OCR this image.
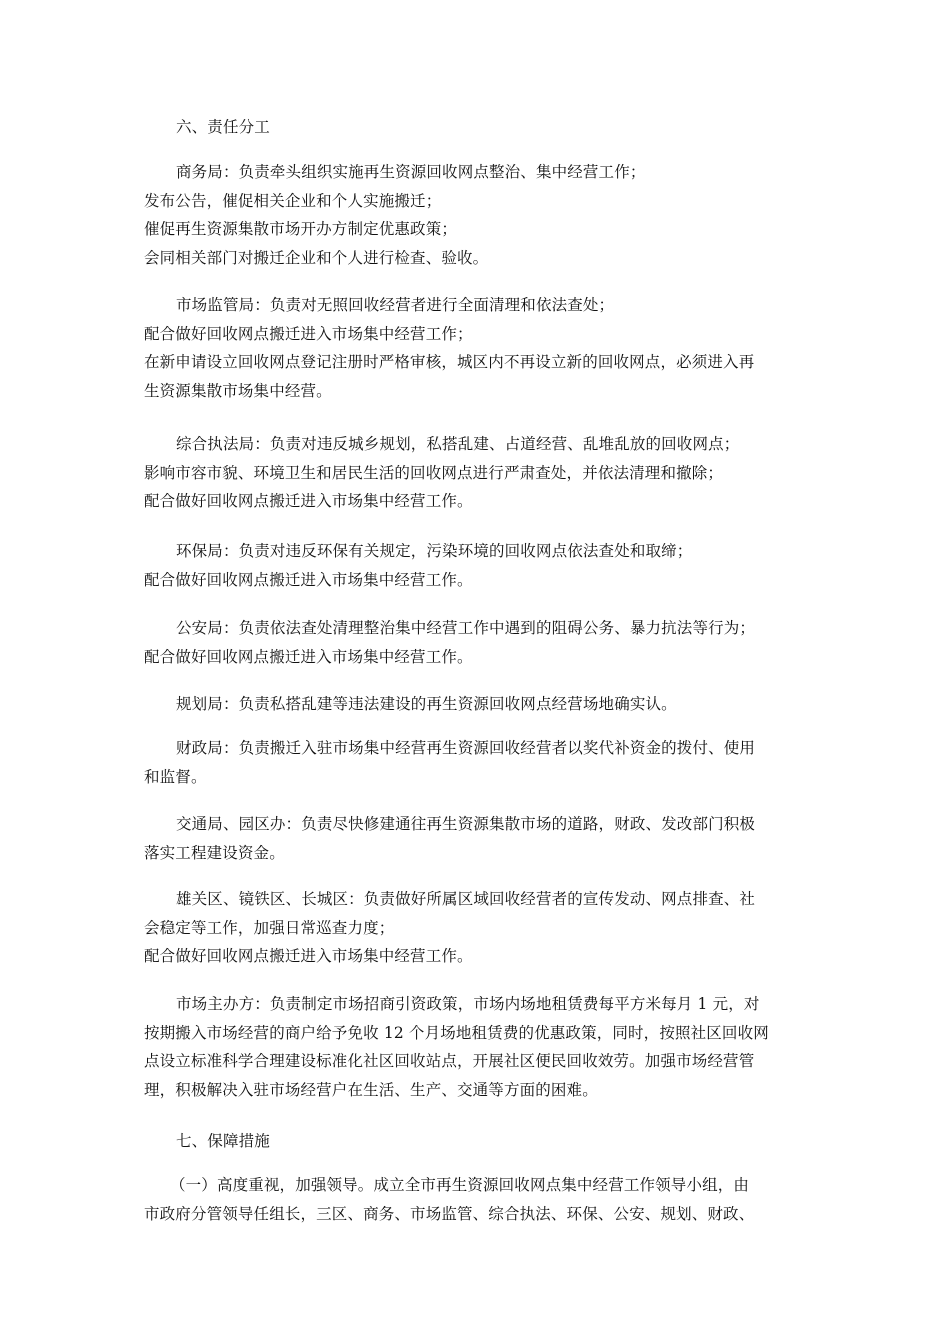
六、责任分工
商务局：负责牵头组织实施再生资源回收网点整治、集中经营工作；
发布公告，催促相关企业和个人实施搬迁；
催促再生资源集散市场开办方制定优惠政策；
会同相关部门对搬迁企业和个人进行检查、验收。
市场监管局：负责对无照回收经营者进行全面清理和依法查处；
配合做好回收网点搬迁进入市场集中经营工作；
在新申请设立回收网点登记注册时严格审核，城区内不再设立新的回收网点，必须进入再
生资源集散市场集中经营。
综合执法局：负责对违反城乡规划，私搭乱建、占道经营、乱堆乱放的回收网点；
影响市容市貌、环境卫生和居民生活的回收网点进行严肃查处，并依法清理和撤除；
配合做好回收网点搬迁进入市场集中经营工作。
环保局：负责对违反环保有关规定，污染环境的回收网点依法查处和取缔；
配合做好回收网点搬迁进入市场集中经营工作。
公安局：负责依法查处清理整治集中经营工作中遇到的阻碍公务、暴力抗法等行为；
配合做好回收网点搬迁进入市场集中经营工作。
规划局：负责私搭乱建等违法建设的再生资源回收网点经营场地确实认。
财政局：负责搬迁入驻市场集中经营再生资源回收经营者以奖代补资金的拨付、使用
和监督。
交通局、园区办：负责尽快修建通往再生资源集散市场的道路，财政、发改部门积极
落实工程建设资金。
雄关区、镜铁区、长城区：负责做好所属区域回收经营者的宣传发动、网点排查、社
会稳定等工作，加强日常巡查力度；
配合做好回收网点搬迁进入市场集中经营工作。
市场主办方：负责制定市场招商引资政策，市场内场地租赁费每平方米每月 1 元，对
按期搬入市场经营的商户给予免收 12 个月场地租赁费的优惠政策，同时，按照社区回收网
点设立标准科学合理建设标准化社区回收站点，开展社区便民回收效劳。加强市场经营管
理，积极解决入驻市场经营户在生活、生产、交通等方面的困难。
七、保障措施
（一）高度重视，加强领导。成立全市再生资源回收网点集中经营工作领导小组，由
市政府分管领导任组长，三区、商务、市场监管、综合执法、环保、公安、规划、财政、
